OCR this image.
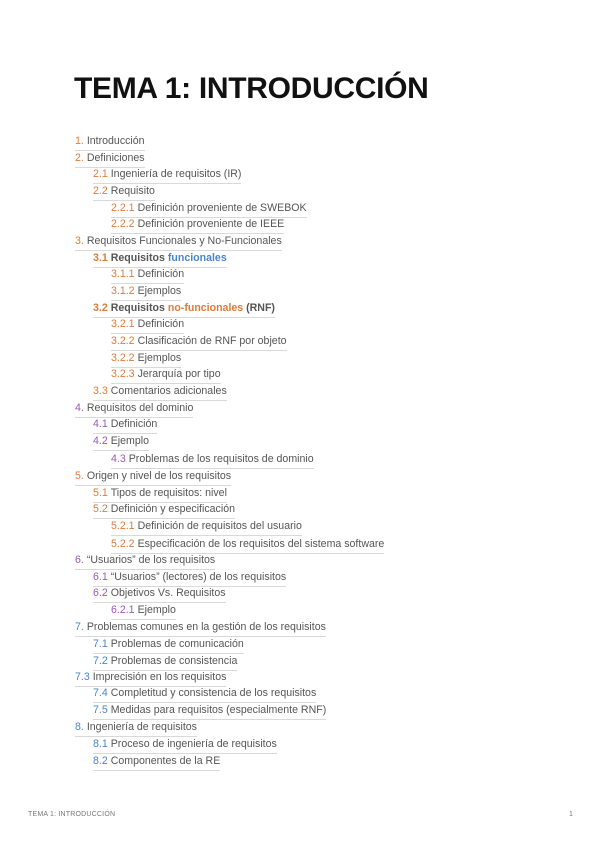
TEMA 1: INTRODUCCIÓN
1. Introducción
2. Definiciones
2.1 Ingeniería de requisitos (IR)
2.2 Requisito
2.2.1 Definición proveniente de SWEBOK
2.2.2 Definición proveniente de IEEE
3. Requisitos Funcionales y No-Funcionales
3.1 Requisitos funcionales
3.1.1 Definición
3.1.2 Ejemplos
3.2 Requisitos no-funcionales (RNF)
3.2.1 Definición
3.2.2 Clasificación de RNF por objeto
3.2.2 Ejemplos
3.2.3 Jerarquía por tipo
3.3 Comentarios adicionales
4. Requisitos del dominio
4.1 Definición
4.2 Ejemplo
4.3 Problemas de los requisitos de dominio
5. Origen y nivel de los requisitos
5.1 Tipos de requisitos: nivel
5.2 Definición y especificación
5.2.1 Definición de requisitos del usuario
5.2.2 Especificación de los requisitos del sistema software
6. “Usuarios” de los requisitos
6.1 “Usuarios” (lectores) de los requisitos
6.2 Objetivos Vs. Requisitos
6.2.1 Ejemplo
7. Problemas comunes en la gestión de los requisitos
7.1 Problemas de comunicación
7.2 Problemas de consistencia
7.3 Imprecisión en los requisitos
7.4 Completitud y consistencia de los requisitos
7.5 Medidas para requisitos (especialmente RNF)
8. Ingeniería de requisitos
8.1 Proceso de ingeniería de requisitos
8.2 Componentes de la RE
TEMA 1: INTRODUCCIÓN	1
